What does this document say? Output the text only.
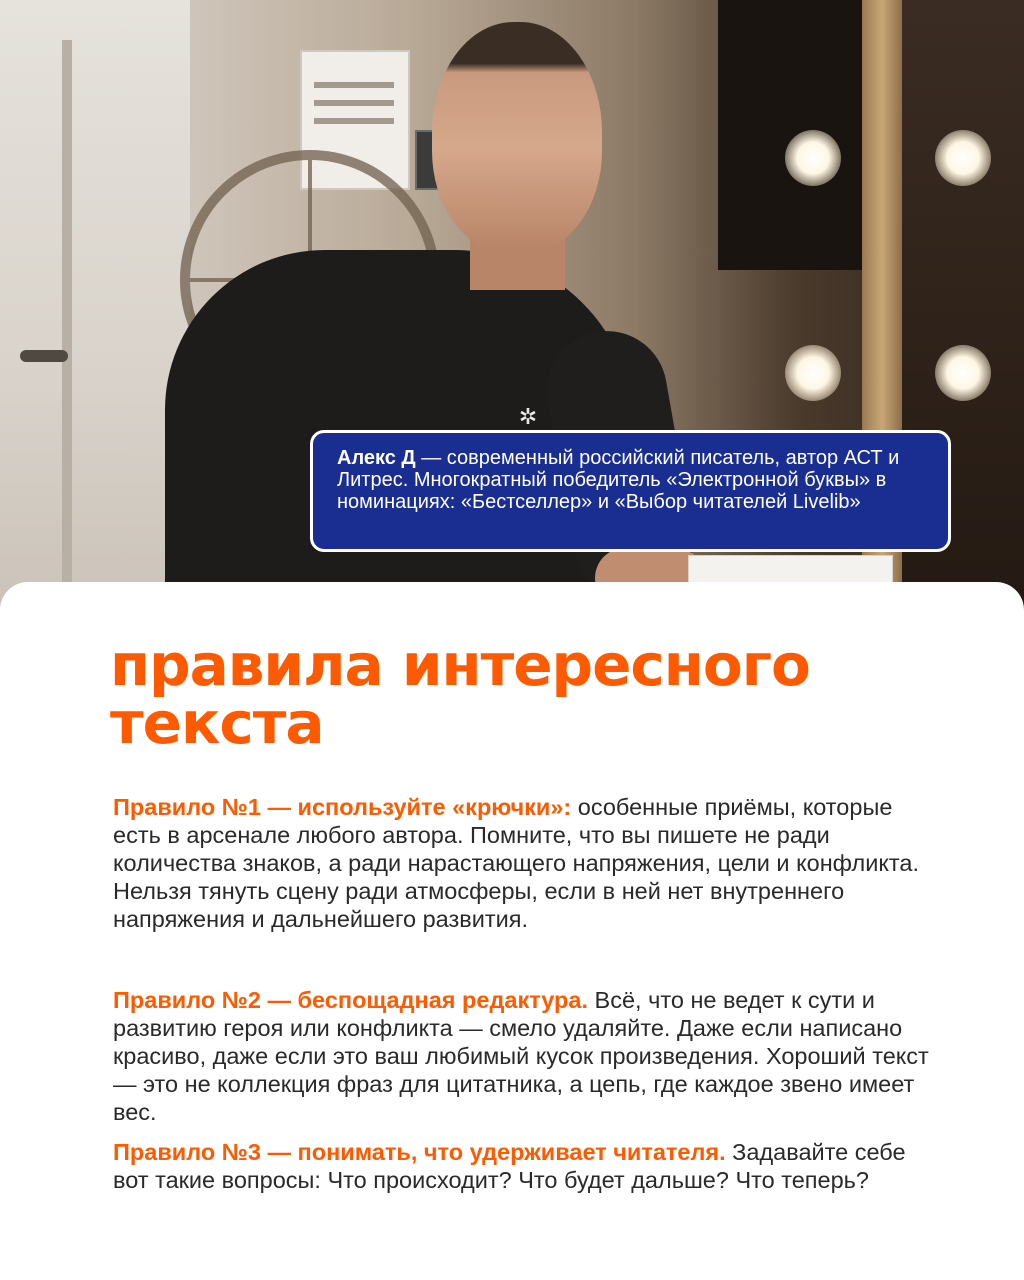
✲
Алекс Д — современный российский писатель, автор АСТ и Литрес. Многократный победитель «Электронной буквы» в номинациях: «Бестселлер» и «Выбор читателей Livelib»
правила интересного текста

Правило №1 — используйте «крючки»: особенные приёмы, которые есть в арсенале любого автора. Помните, что вы пишете не ради количества знаков, а ради нарастающего напряжения, цели и конфликта. Нельзя тянуть сцену ради атмосферы, если в ней нет внутреннего напряжения и дальнейшего развития.

Правило №2 — беспощадная редактура. Всё, что не ведет к сути и развитию героя или конфликта — смело удаляйте. Даже если написано красиво, даже если это ваш любимый кусок произведения. Хороший текст — это не коллекция фраз для цитатника, а цепь, где каждое звено имеет вес.

Правило №3 — понимать, что удерживает читателя. Задавайте себе вот такие вопросы: Что происходит? Что будет дальше? Что теперь?
